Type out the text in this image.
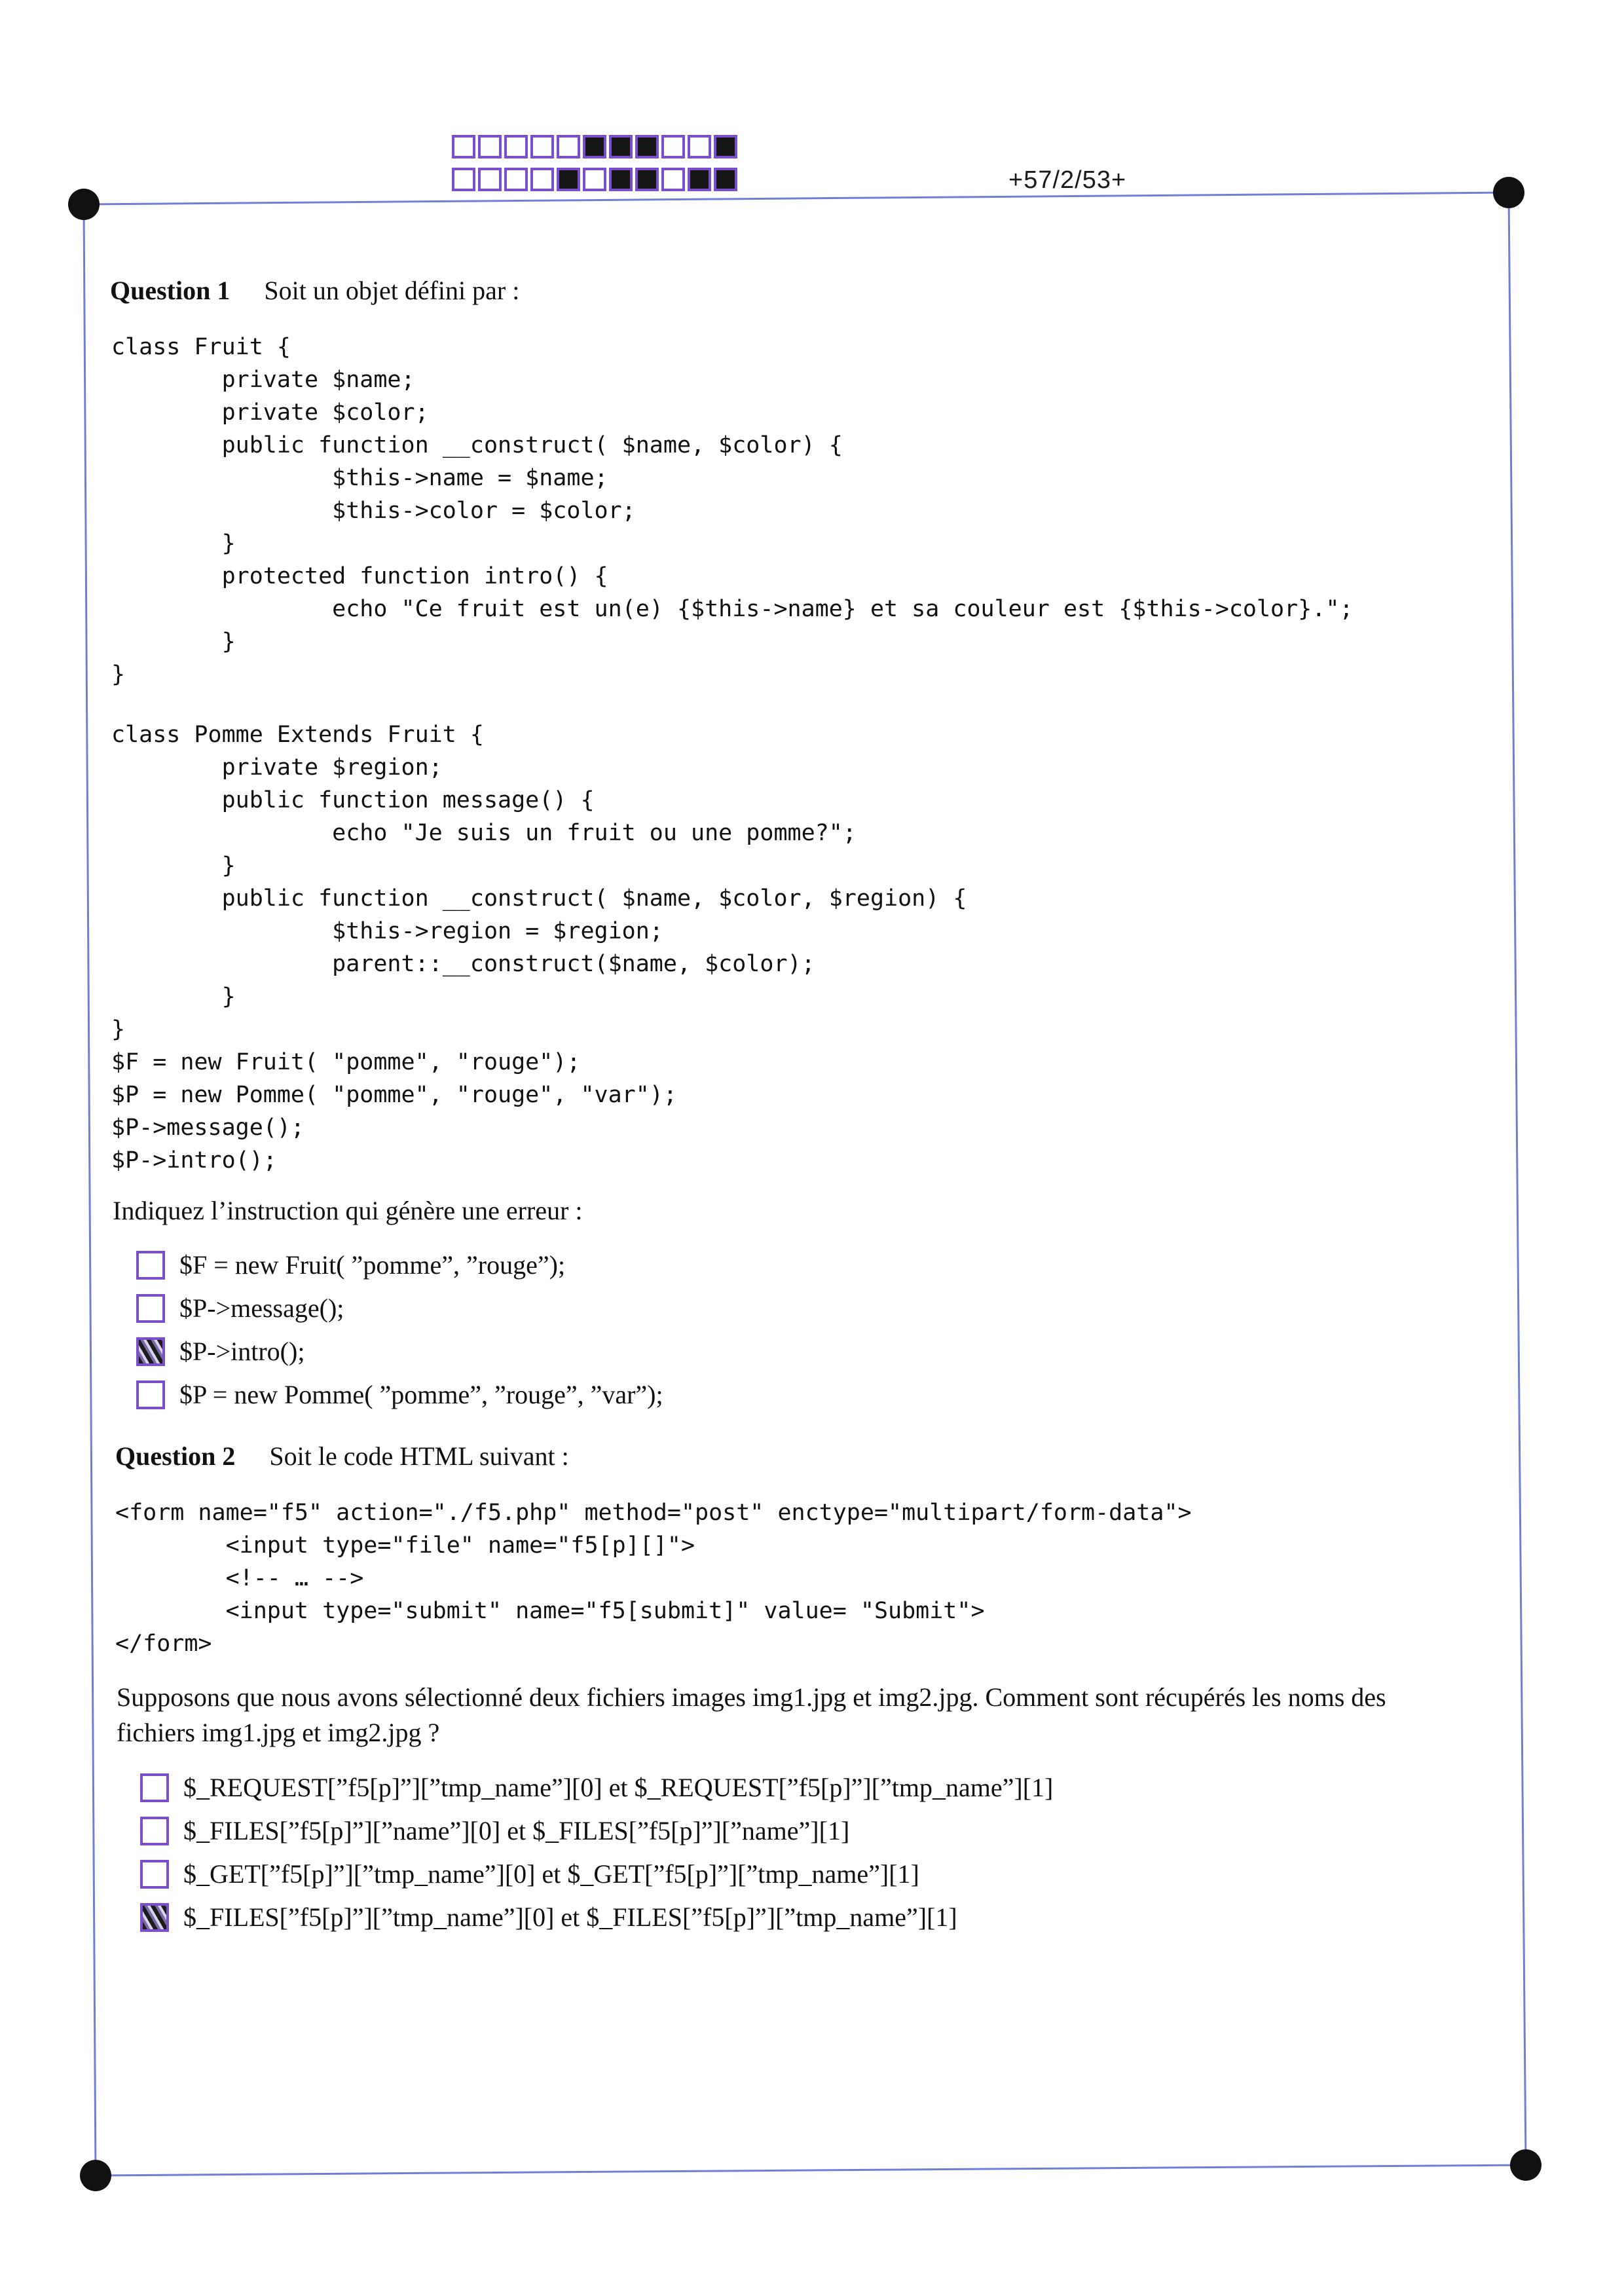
+57/2/53+
Question 1 Soit un objet défini par :
class Fruit {
private $name;
private $color;
public function __construct( $name, $color) {
$this->name = $name;
$this->color = $color;
}
protected function intro() {
echo "Ce fruit est un(e) {$this->name} et sa couleur est {$this->color}.";
}
}
class Pomme Extends Fruit {
private $region;
public function message() {
echo "Je suis un fruit ou une pomme?";
}
public function __construct( $name, $color, $region) {
$this->region = $region;
parent::__construct($name, $color);
}
}
$F = new Fruit( "pomme", "rouge");
$P = new Pomme( "pomme", "rouge", "var");
$P->message();
$P->intro();
Indiquez l’instruction qui génère une erreur :
$F = new Fruit( ”pomme”, ”rouge”);
$P->message();
$P->intro();
$P = new Pomme( ”pomme”, ”rouge”, ”var”);
Question 2 Soit le code HTML suivant :
<form name="f5" action="./f5.php" method="post" enctype="multipart/form-data">
<input type="file" name="f5[p][]">
<!-- … -->
<input type="submit" name="f5[submit]" value= "Submit">
</form>
Supposons que nous avons sélectionné deux fichiers images img1.jpg et img2.jpg. Comment sont récupérés les noms des
fichiers img1.jpg et img2.jpg ?
$_REQUEST[”f5[p]”][”tmp_name”][0] et $_REQUEST[”f5[p]”][”tmp_name”][1]
$_FILES[”f5[p]”][”name”][0] et $_FILES[”f5[p]”][”name”][1]
$_GET[”f5[p]”][”tmp_name”][0] et $_GET[”f5[p]”][”tmp_name”][1]
$_FILES[”f5[p]”][”tmp_name”][0] et $_FILES[”f5[p]”][”tmp_name”][1]
